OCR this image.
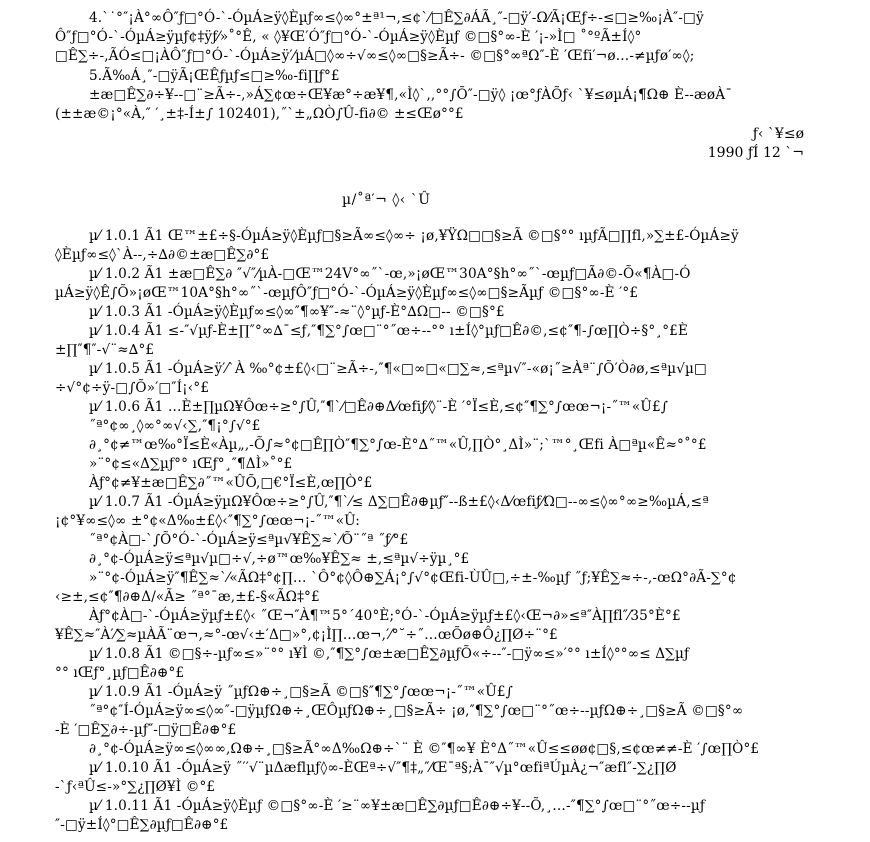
4.ˋ˙°″¡À°∞Ô″ƒ□°Ó-ˋ-ÓµÁ≥ÿ◊Èµƒ∞≤◊∞°±ª¹¬,≤¢ˋ⁄□Ê∑∂ÁÃ¸″-□ÿ′-Ω⁄Ã¡Œƒ÷-≤□≥‰¡À″-□ÿ
Ô″ƒ□°Ó-ˋ-ÓµÁ≥ÿµƒ¢‡ÿƒ⁄»˚°Ê, « ◊¥Œ′Ó″ƒ□°Ó-ˋ-ÓµÁ≥ÿ◊Èµƒ ©□§°∞-È ′¡-»Ì□ ˚°ºÃ±Í◊°
□Ê∑÷-,ÃÓ≤□¡ÀÔ″ƒ□°Ó-ˋ-ÓµÁ≥ÿ′⁄µÁ□◊∞÷√∞≤◊∞□§≥Ã÷- ©□§°∞ªΩ″-È ′Œfi′¬ø…-≠µƒø′∞◊;
5.Ã‰Á¸″-□ÿÃ¡ŒÊƒµƒ≤□≥‰-fi∏ƒ°£
±æ□Ê∑∂÷¥--□¨≥Ã÷-,»Á∑¢œ÷Œ¥æ°÷æ¥¶,«Ì◊ˋ‚,°°∫Õ″-□ÿ◊ ¡œ°ƒÀÕƒ‹ ˋ¥≤øµÁ¡¶Ω⊕ È--æøÀ¯
(±±æ©¡°«À,″ ′¸±‡-Í±∫ 102401),˝ˋ±„ΩÒ∫Û-fi∂© ±≤Œø°°£
ƒ‹ ˋ¥≤ø
1990 ƒÍ 12 ˋ¬
µ/˚ª′¬ ◊‹ ˋÛ
µ⁄ 1.0.1 Ã1 Œ™±£÷§-ÓµÁ≥ÿ◊Èµƒ□§≥Ã∞≤◊∞÷ ¡ø,¥ŸΩ□□§≥Ã ©□§°° ıµƒÃ□∏fl,»∑±£-ÓµÁ≥ÿ
◊Èµƒ∞≤◊ˋÀ--,÷∆∂©±æ□Ê∑∂°£
µ⁄ 1.0.2 Ã1 ±æ□Ê∑∂ ″√″⁄µÀ-□Œ™24V°∞˝ˋ-œ,»¡øŒ™30A°§h°∞˝ˋ-œµƒ□Ã∂©-Õ«¶À□-Ó
µÁ≥ÿ◊Ê∫Õ»¡øŒ™10A°§h°∞˝ˋ-œµƒÔ″ƒ□°Ó-ˋ-ÓµÁ≥ÿ◊Èµƒ∞≤◊∞□§≥Ãµƒ ©□§°∞-È ′°£
µ⁄ 1.0.3 Ã1 -ÓµÁ≥ÿ◊Èµƒ∞≤◊∞″¶∞¥″-≈¨◊°µƒ-È°∆Ω□-- ©□§°£
µ⁄ 1.0.4 Ã1 ≤-″√µƒ-È±∏″°∞∆¯≤ƒ,″¶∑°∫œ□¨°˝œ÷--°° ı±Í◊°µƒ□Ê∂©,≤¢″¶-∫œ∏Ò÷§°¸°£È
±∏″¶″-√¨≈∆°£
µ⁄ 1.0.5 Ã1 -ÓµÁ≥ÿ′⁄ˋÀ ‰°¢±£◊‹□¨≥Ã÷-,″¶«□∞□«□∑≈,≤ªµ√″-«ø¡˝≥Àª¨∫Õ′Ò∂ø,≤ªµ√µ□
÷√°¢÷ÿ-□∫Õ»′□″Í¡‹°£
µ⁄ 1.0.6 Ã1 …È±∏µΩ¥Ôœ÷≥°∫Û,″¶ˋ⁄□Ê∂⊕Δ⁄œfiƒ⁄◊¨-È ′°Ï≤È,≤¢″¶∑°∫œœ¬¡-˝™«Û£∫
˝ª°¢∞¸◊∞°∞√‹∑,″¶¡°∫√°£
∂¸°¢≠™œ‰°Ï≤È«Àµ„,-Õ∫≈°¢□Ê∏Ò″¶∑°∫œ-È°∆˝™«Û,∏Ò°¸ΔÌ»¨;ˋ™°¸Œfi À□ªµ«Ê≈°˚°£
»¨°¢≤«Δ∑µƒ°° ıŒƒ°¸″¶ΔÌ»˚°£
Àƒ°¢≠¥±æ□Ê∑∂˝™«ÛÕ,□€°Ï≤È,œ∏Ò°£
µ⁄ 1.0.7 Ã1 -ÓµÁ≥ÿµΩ¥Ôœ÷≥°∫Û,″¶ˋ⁄≤ Δ∑□Ê∂⊕µƒ″--ß±£◊‹Δ⁄œfiƒ⁄Ω□--∞≤◊∞°∞≥‰µÁ,≤ª
¡¢°¥∞≤◊∞ ±°¢«Δ‰±£◊‹″¶∑°∫œœ¬¡-˝™«Û:
˝ª°¢À□-ˋ∫Õ°Ó-ˋ-ÓµÁ≥ÿ≤ªµ√¥Ê∑≈ˋ⁄Õ¨˝ª ˝ƒ⁄°£
∂¸°¢-ÓµÁ≥ÿ≤ªµ√µ□÷√,÷ø™œ‰¥Ê∑≈ ±,≤ªµ√÷ÿµ¸°£
»¨°¢-ÓµÁ≥ÿ″¶Ê∑≈ˋ⁄«ÃΩ‡°¢∏… ˋÔ°¢◊Ô⊕∑Á¡°∫√°¢Œfi-ÙÛ□,÷±-‰µƒ ˝ƒ;¥Ê∑≈÷-,-œΩ°∂Ã-∑°¢
‹≥±,≤¢″¶∂⊕Δ/«Ã≥ ˝ª°¯æ,±£-§«ÃΩ‡°£
Àƒ°¢À□-ˋ-ÓµÁ≥ÿµƒ±£◊‹ ˝Œ¬″À¶™5°ˊ40°È;°Ó-ˋ-ÓµÁ≥ÿµƒ±£◊‹Œ¬∂»≤ª″À∏fl″⁄35°È°£
¥Ê∑≈″À′⁄∑≈µÀÃ¨œ¬,≈°-œ√‹±′Δ□»°,¢¡Ì∏…œ¬,′⁄°˘÷˝…œÕø⊕Ô¿∏Ø÷¨°£
µ⁄ 1.0.8 Ã1 ©□§÷-µƒ∞≤»¨°° ı¥Ì ©,″¶∑°∫œ±æ□Ê∑∂µƒÕ«÷--″-□ÿ∞≤»′°° ı±Í◊°°∞≤ Δ∑µƒ
°° ıŒƒ°¸µƒ□Ê∂⊕°£
µ⁄ 1.0.9 Ã1 -ÓµÁ≥ÿ ˝µƒΩ⊕÷¸□§≥Ã ©□§″¶∑°∫œœ¬¡-˝™«Û£∫
˝ª°¢″Í-ÓµÁ≥ÿ∞≤◊∞″-□ÿµƒΩ⊕÷¸ŒÔµƒΩ⊕÷¸□§≥Ã÷ ¡ø,″¶∑°∫œ□¨°˝œ÷--µƒΩ⊕÷¸□§≥Ã ©□§°∞
-È ′□Ê∑∂÷-µƒ″-□ÿ□Ê∂⊕°£
∂¸°¢-ÓµÁ≥ÿ∞≤◊∞∞,Ω⊕÷¸□§≥Ã°∞Δ‰Ω⊕÷ˋ¨ È ©″¶∞¥ È°Δ˝™«Û≤≤øø¢□§,≤¢œ≠≠-È ′∫œ∏Ò°£
µ⁄ 1.0.10 Ã1 -ÓµÁ≥ÿ ˝′′√¨µΔæflµƒ◊∞-ÈŒª÷√″¶‡„″⁄Œ¯ª§;À¯″√µ°œfiªÚµÀ¿¬″æfl″-∑¿∏Ø
-ˋƒ‹ªÛ≤-»°∑¿∏Ø¥Ì ©°£
µ⁄ 1.0.11 Ã1 -ÓµÁ≥ÿ◊Èµƒ ©□§°∞-È ′≥¨∞¥±æ□Ê∑∂µƒ□Ê∂⊕÷¥--Õ,¸…-″¶∑°∫œ□¨°˝œ÷--µƒ
″-□ÿ±Í◊°□Ê∑∂µƒ□Ê∂⊕°£
